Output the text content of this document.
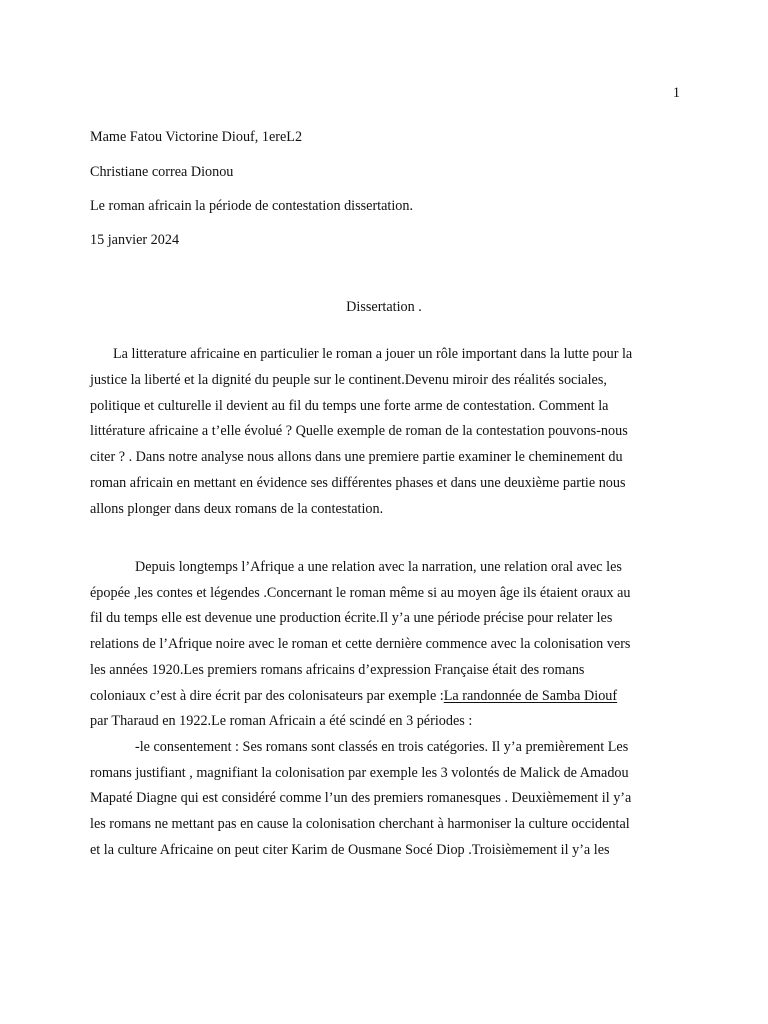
1
Mame Fatou Victorine Diouf, 1ereL2
Christiane correa Dionou
Le roman africain la période de contestation dissertation.
15 janvier 2024
Dissertation .
La litterature africaine en particulier le roman a jouer un rôle important dans la lutte pour la
justice la liberté et la dignité du peuple sur le continent.Devenu miroir des réalités sociales,
politique et culturelle il devient au fil du temps une forte arme de contestation. Comment la
littérature africaine a t’elle évolué ? Quelle exemple de roman de la contestation pouvons-nous
citer ? . Dans notre analyse nous allons dans une premiere partie examiner le cheminement du
roman africain en mettant en évidence ses différentes phases et dans une deuxième partie nous
allons plonger dans deux romans de la contestation.
Depuis longtemps l’Afrique a une relation avec la narration, une relation oral avec les
épopée ,les contes et légendes .Concernant le roman même si au moyen âge ils étaient oraux au
fil du temps elle est devenue une production écrite.Il y’a une période précise pour relater les
relations de l’Afrique noire avec le roman et cette dernière commence avec la colonisation vers
les années 1920.Les premiers romans africains d’expression Française était des romans
coloniaux c’est à dire écrit par des colonisateurs par exemple :La randonnée de Samba Diouf
par Tharaud en 1922.Le roman Africain a été scindé en 3 périodes :
-le consentement : Ses romans sont classés en trois catégories. Il y’a premièrement Les
romans justifiant , magnifiant la colonisation par exemple les 3 volontés de Malick de Amadou
Mapaté Diagne qui est considéré comme l’un des premiers romanesques . Deuxièmement il y’a
les romans ne mettant pas en cause la colonisation cherchant à harmoniser la culture occidental
et la culture Africaine on peut citer Karim de Ousmane Socé Diop .Troisièmement il y’a les
